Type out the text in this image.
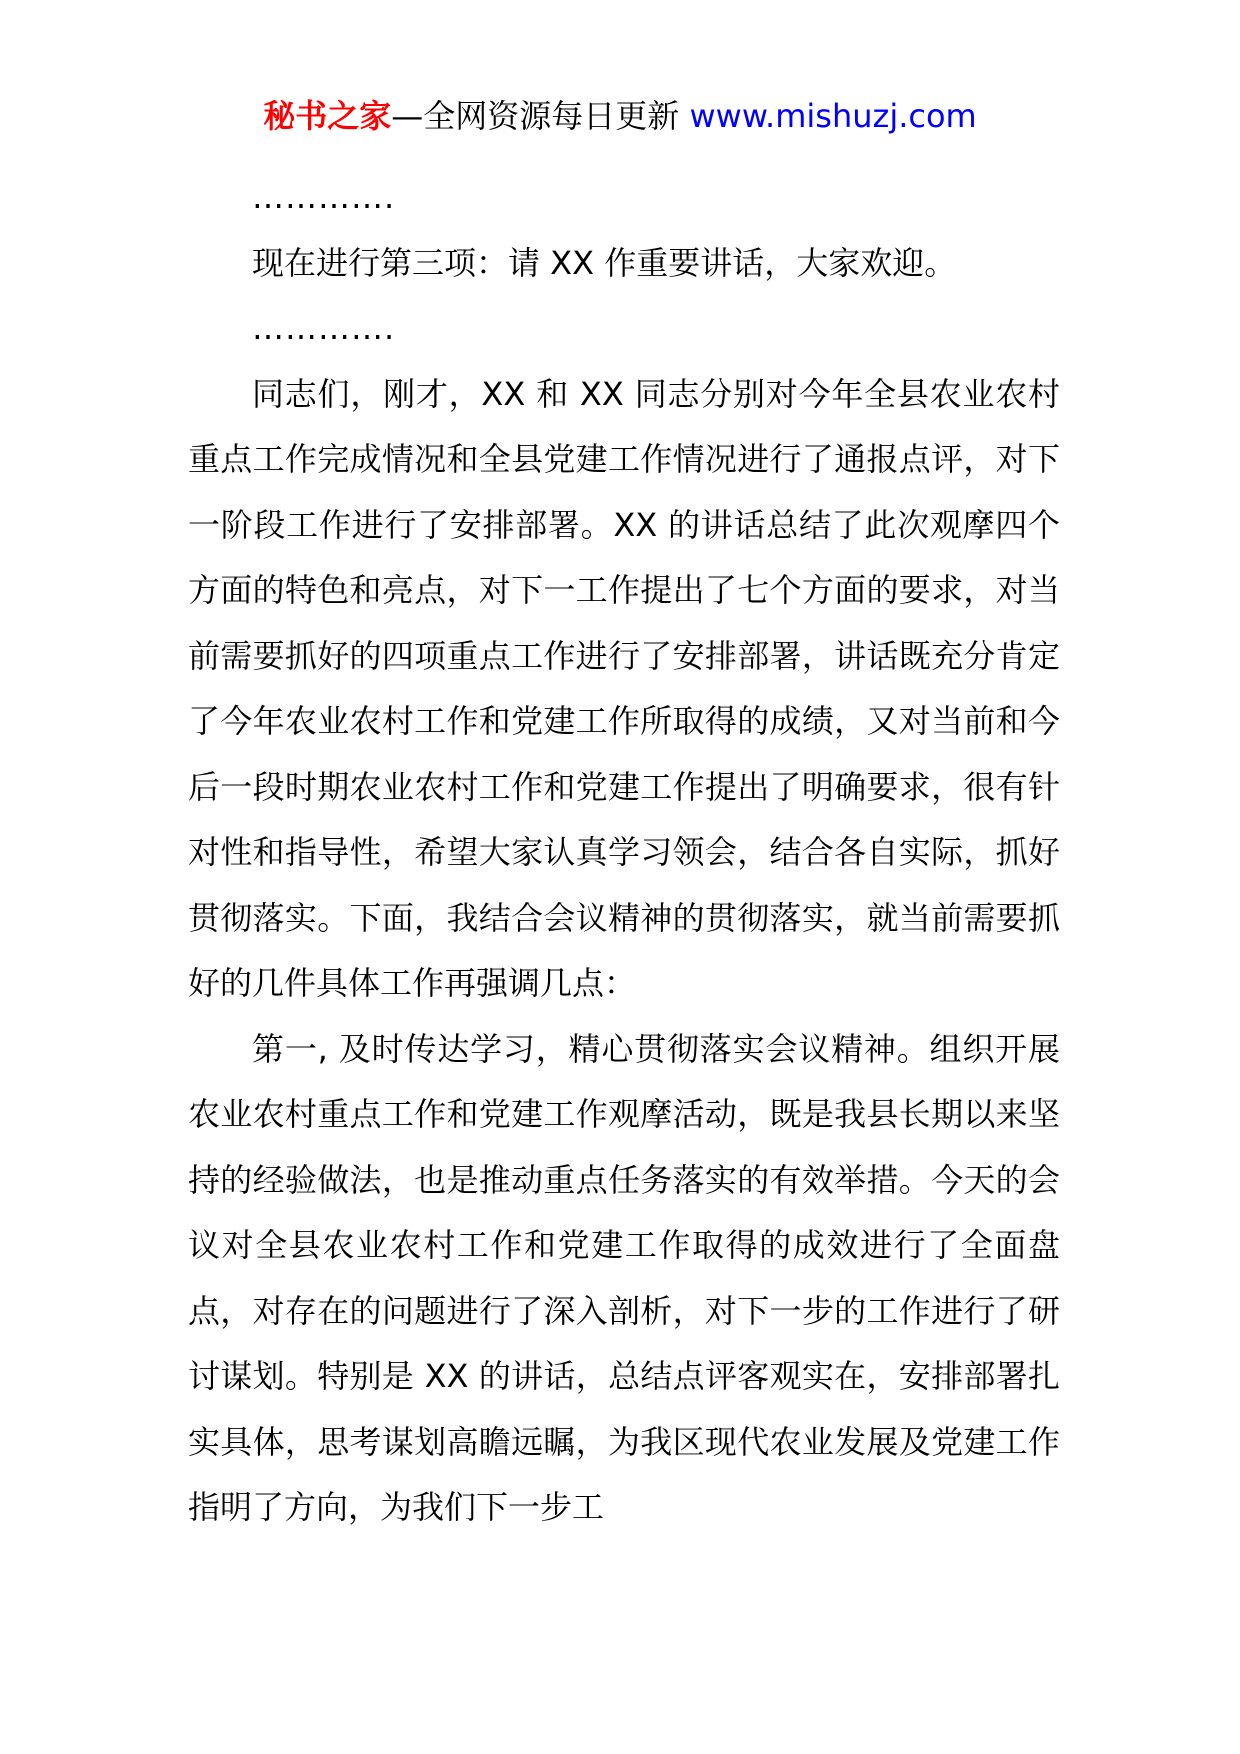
秘书之家—全网资源每日更新 www.mishuzj.com

………….

现在进行第三项：请 XX 作重要讲话，大家欢迎。

………….

同志们，刚才，XX 和 XX 同志分别对今年全县农业农村重点工作完成情况和全县党建工作情况进行了通报点评，对下一阶段工作进行了安排部署。XX 的讲话总结了此次观摩四个方面的特色和亮点，对下一工作提出了七个方面的要求，对当前需要抓好的四项重点工作进行了安排部署，讲话既充分肯定了今年农业农村工作和党建工作所取得的成绩，又对当前和今后一段时期农业农村工作和党建工作提出了明确要求，很有针对性和指导性，希望大家认真学习领会，结合各自实际，抓好贯彻落实。下面，我结合会议精神的贯彻落实，就当前需要抓好的几件具体工作再强调几点：

第一, 及时传达学习，精心贯彻落实会议精神。组织开展农业农村重点工作和党建工作观摩活动，既是我县长期以来坚持的经验做法，也是推动重点任务落实的有效举措。今天的会议对全县农业农村工作和党建工作取得的成效进行了全面盘点，对存在的问题进行了深入剖析，对下一步的工作进行了研讨谋划。特别是 XX 的讲话，总结点评客观实在，安排部署扎实具体，思考谋划高瞻远瞩，为我区现代农业发展及党建工作指明了方向，为我们下一步工
